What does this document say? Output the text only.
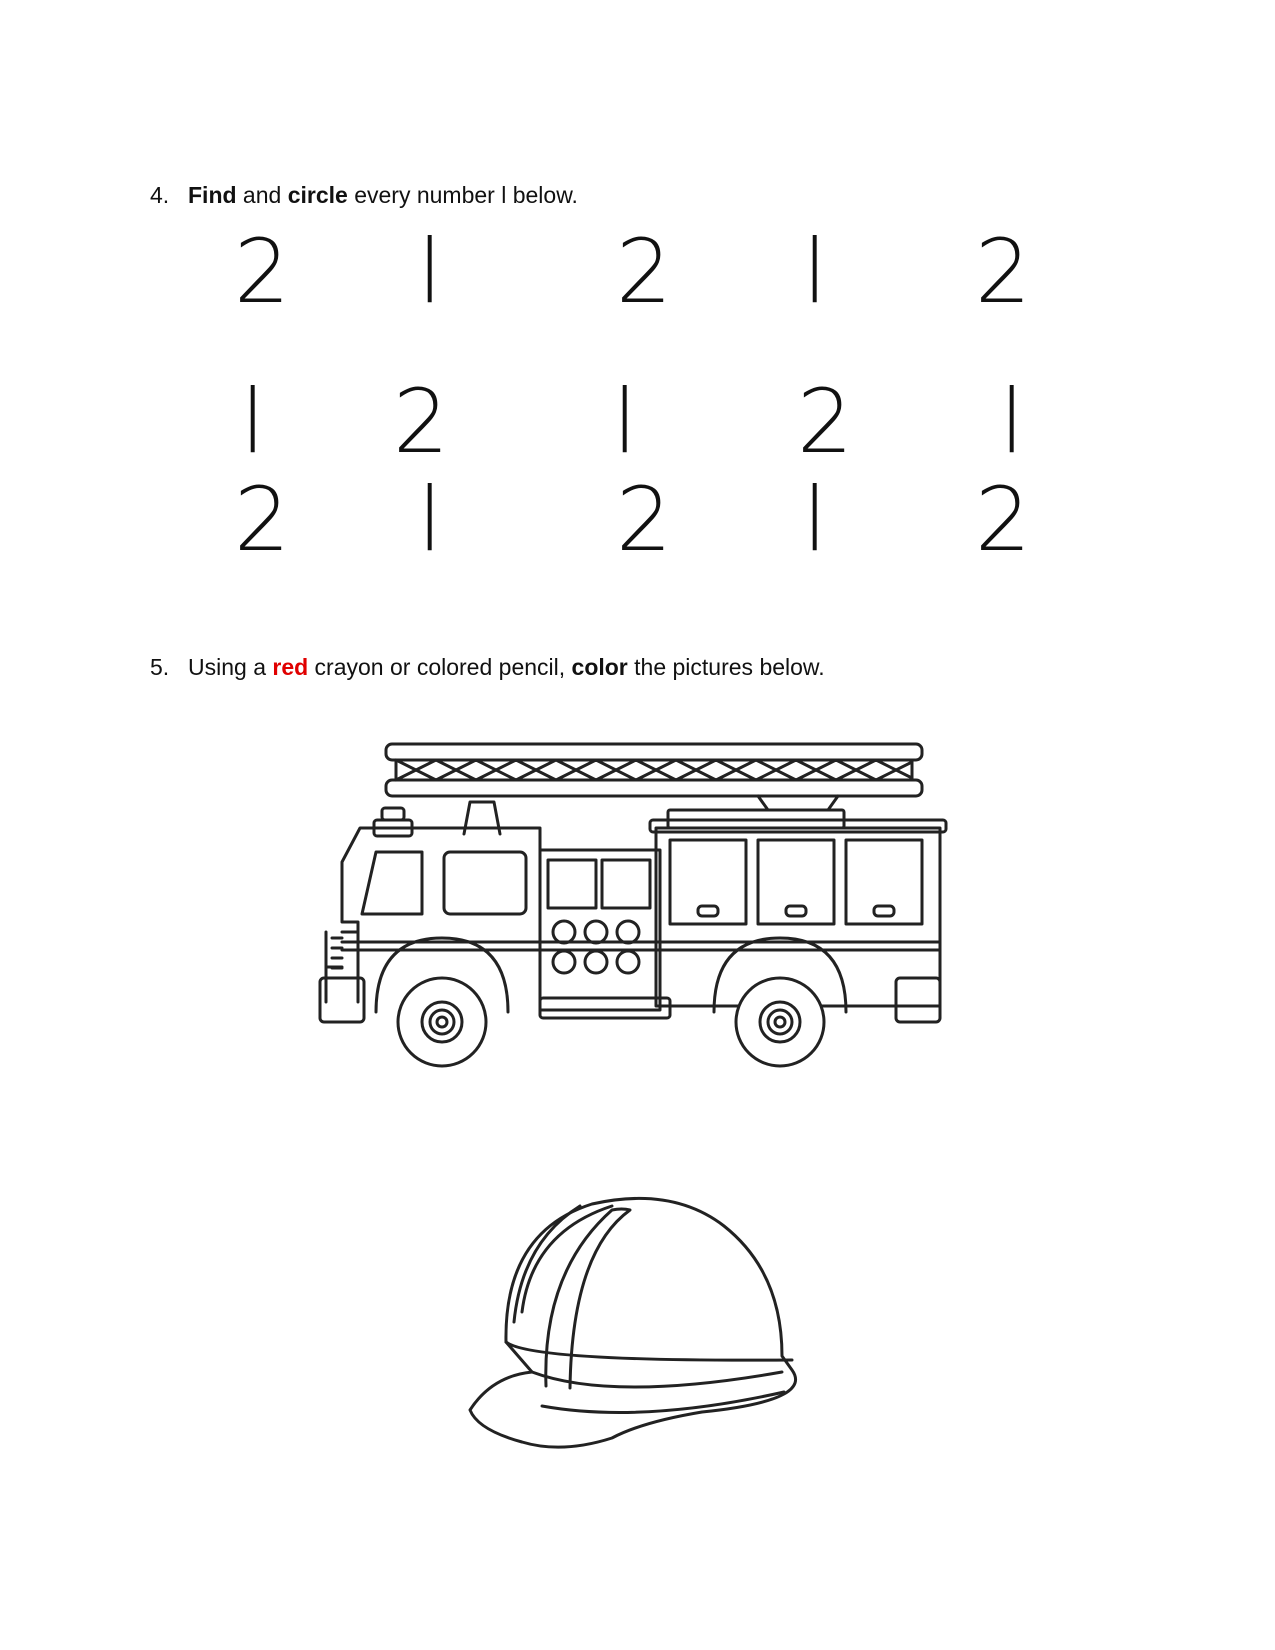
4. Find and circle every number l below.
2	l	2	l	2
l	2	l	2	l
2	l	2	l	2
5. Using a red crayon or colored pencil, color the pictures below.
